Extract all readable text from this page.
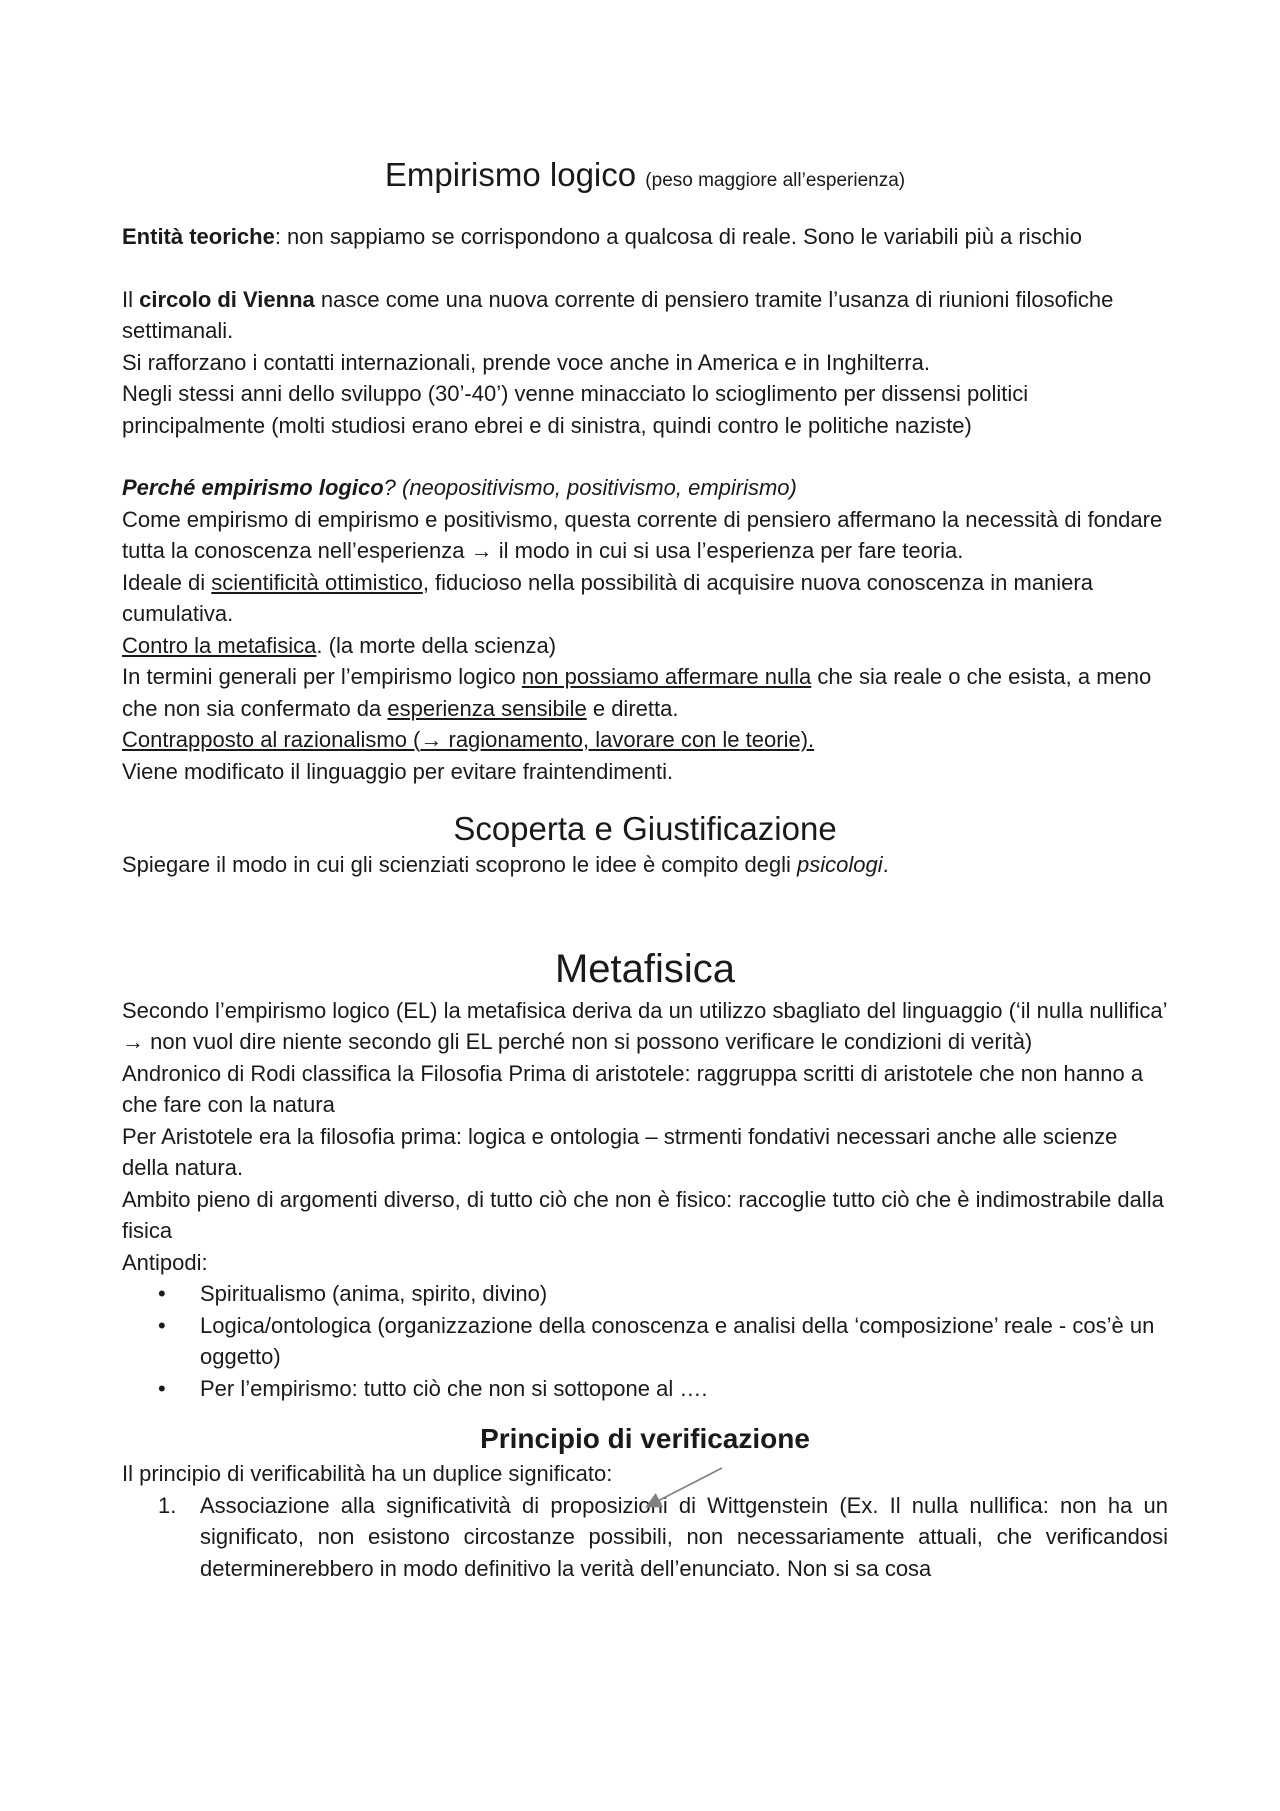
Empirismo logico (peso maggiore all’esperienza)

Entità teoriche: non sappiamo se corrispondono a qualcosa di reale. Sono le variabili più a rischio

Il circolo di Vienna nasce come una nuova corrente di pensiero tramite l’usanza di riunioni filosofiche settimanali.

Si rafforzano i contatti internazionali, prende voce anche in America e in Inghilterra.

Negli stessi anni dello sviluppo (30’-40’) venne minacciato lo scioglimento per dissensi politici principalmente (molti studiosi erano ebrei e di sinistra, quindi contro le politiche naziste)

Perché empirismo logico? (neopositivismo, positivismo, empirismo)

Come empirismo di empirismo e positivismo, questa corrente di pensiero affermano la necessità di fondare tutta la conoscenza nell’esperienza → il modo in cui si usa l’esperienza per fare teoria.

Ideale di scientificità ottimistico, fiducioso nella possibilità di acquisire nuova conoscenza in maniera cumulativa.

Contro la metafisica. (la morte della scienza)

In termini generali per l’empirismo logico non possiamo affermare nulla che sia reale o che esista, a meno che non sia confermato da esperienza sensibile e diretta.

Contrapposto al razionalismo (→ ragionamento, lavorare con le teorie).

Viene modificato il linguaggio per evitare fraintendimenti.

Scoperta e Giustificazione

Spiegare il modo in cui gli scienziati scoprono le idee è compito degli psicologi.

Metafisica

Secondo l’empirismo logico (EL) la metafisica deriva da un utilizzo sbagliato del linguaggio (‘il nulla nullifica’ → non vuol dire niente secondo gli EL perché non si possono verificare le condizioni di verità)

Andronico di Rodi classifica la Filosofia Prima di aristotele: raggruppa scritti di aristotele che non hanno a che fare con la natura

Per Aristotele era la filosofia prima: logica e ontologia – strmenti fondativi necessari anche alle scienze della natura.

Ambito pieno di argomenti diverso, di tutto ciò che non è fisico: raccoglie tutto ciò che è indimostrabile dalla fisica

Antipodi:

• Spiritualismo (anima, spirito, divino)
• Logica/ontologica (organizzazione della conoscenza e analisi della ‘composizione’ reale - cos’è un oggetto)
• Per l’empirismo: tutto ciò che non si sottopone al ….

Principio di verificazione

Il principio di verificabilità ha un duplice significato:

1. Associazione alla significatività di proposizioni di Wittgenstein (Ex. Il nulla nullifica: non ha un significato, non esistono circostanze possibili, non necessariamente attuali, che verificandosi determinerebbero in modo definitivo la verità dell’enunciato. Non si sa cosa
